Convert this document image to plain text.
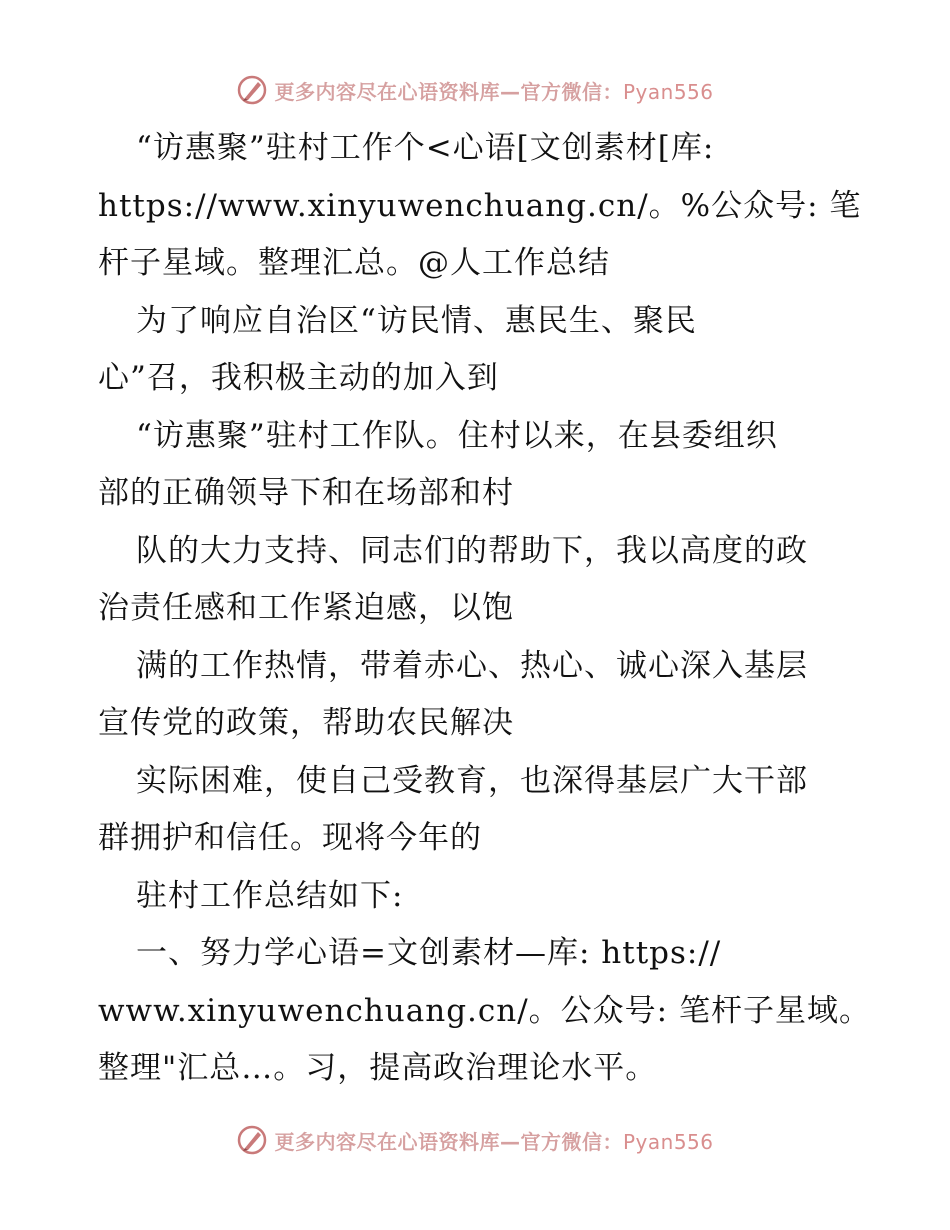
更多内容尽在心语资料库—官方微信：Pyan556
“访惠聚”驻村工作个<心语[文创素材[库:
https://www.xinyuwenchuang.cn/。%公众号: 笔
杆子星域。整理汇总。@人工作总结
为了响应自治区“访民情、惠民生、聚民
心”召，我积极主动的加入到
“访惠聚”驻村工作队。住村以来，在县委组织
部的正确领导下和在场部和村
队的大力支持、同志们的帮助下，我以高度的政
治责任感和工作紧迫感，以饱
满的工作热情，带着赤心、热心、诚心深入基层
宣传党的政策，帮助农民解决
实际困难，使自己受教育，也深得基层广大干部
群拥护和信任。现将今年的
驻村工作总结如下:
一、努力学心语=文创素材—库: https://
www.xinyuwenchuang.cn/。公众号: 笔杆子星域。
整理"汇总…。习，提高政治理论水平。
更多内容尽在心语资料库—官方微信：Pyan556
